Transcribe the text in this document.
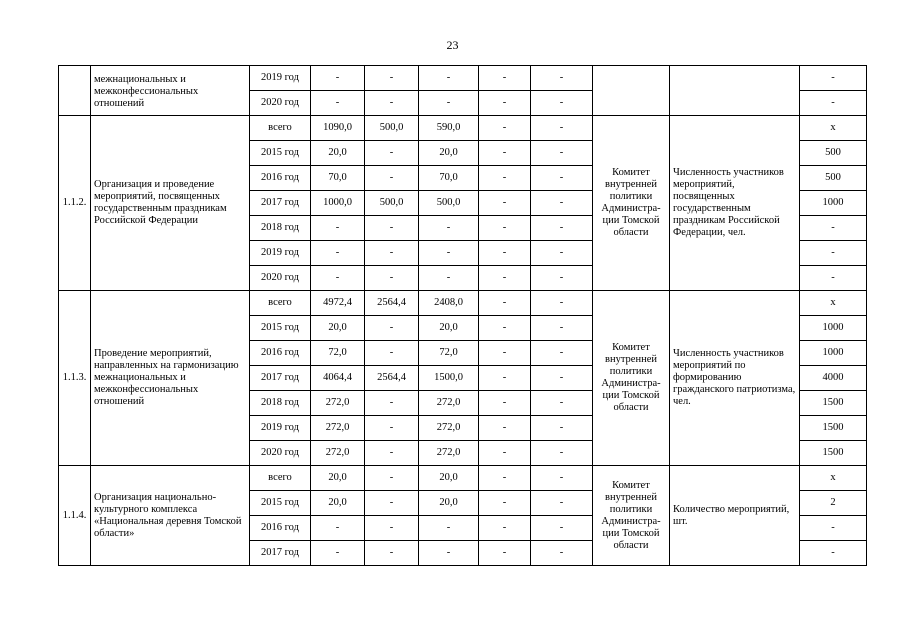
23
	межнациональных и межконфессиональных отношений	2019 год	-	-	-	-	-			-
		2020 год	-	-	-	-	-			-
1.1.2.	Организация и проведение мероприятий, посвященных государственным праздникам Российской Федерации	всего	1090,0	500,0	590,0	-	-	Комитет внутренней политики Администра-ции Томской области	Численность участников мероприятий, посвященных государственным праздникам Российской Федерации, чел.	х
		2015 год	20,0	-	20,0	-	-			500
		2016 год	70,0	-	70,0	-	-			500
		2017 год	1000,0	500,0	500,0	-	-			1000
		2018 год	-	-	-	-	-			-
		2019 год	-	-	-	-	-			-
		2020 год	-	-	-	-	-			-
1.1.3.	Проведение мероприятий, направленных на гармонизацию межнациональных и межконфессиональных отношений	всего	4972,4	2564,4	2408,0	-	-	Комитет внутренней политики Администра-ции Томской области	Численность участников мероприятий по формированию гражданского патриотизма, чел.	х
		2015 год	20,0	-	20,0	-	-			1000
		2016 год	72,0	-	72,0	-	-			1000
		2017 год	4064,4	2564,4	1500,0	-	-			4000
		2018 год	272,0	-	272,0	-	-			1500
		2019 год	272,0	-	272,0	-	-			1500
		2020 год	272,0	-	272,0	-	-			1500
1.1.4.	Организация национально-культурного комплекса «Национальная деревня Томской области»	всего	20,0	-	20,0	-	-	Комитет внутренней политики Администра-ции Томской области	Количество мероприятий, шт.	х
		2015 год	20,0	-	20,0	-	-			2
		2016 год	-	-	-	-	-			-
		2017 год	-	-	-	-	-			-
